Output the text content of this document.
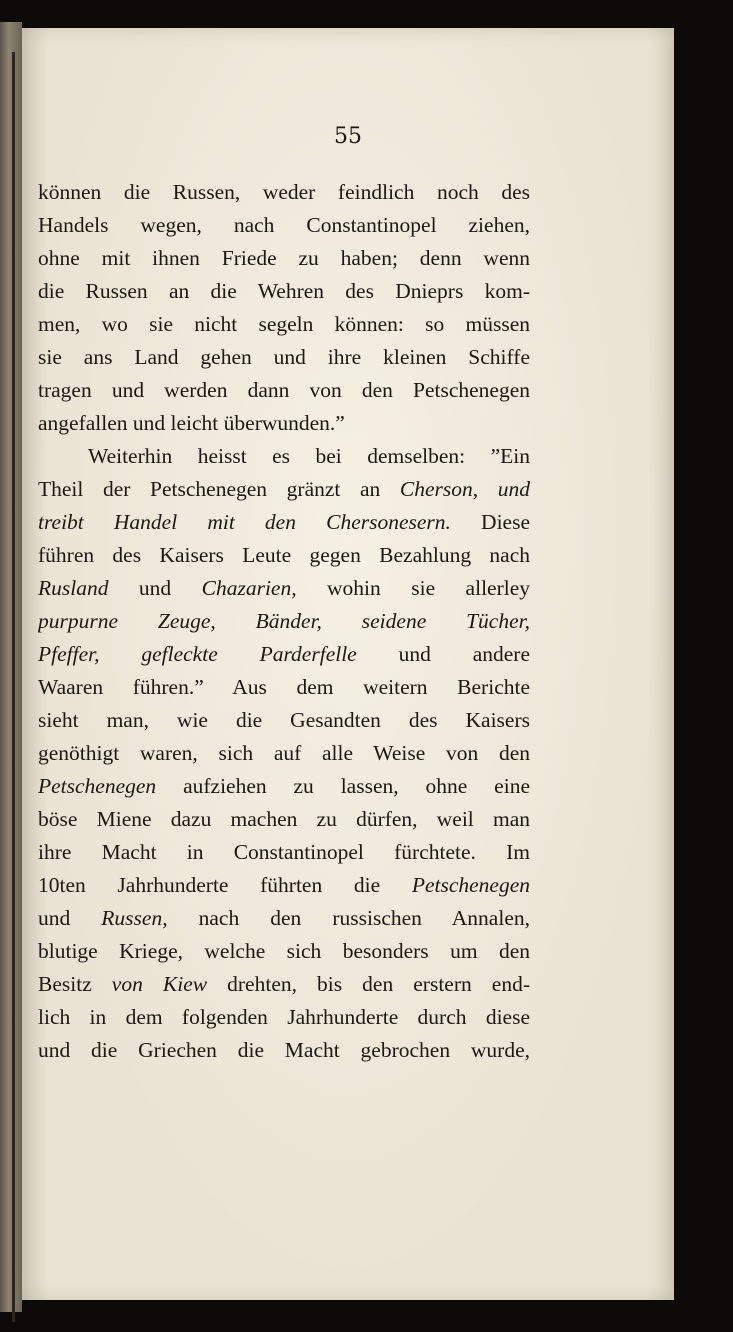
55
können die Russen, weder feindlich noch des
Handels wegen, nach Constantinopel ziehen,
ohne mit ihnen Friede zu haben; denn wenn
die Russen an die Wehren des Dnieprs kom-
men, wo sie nicht segeln können: so müssen
sie ans Land gehen und ihre kleinen Schiffe
tragen und werden dann von den Petschenegen
angefallen und leicht überwunden.”
Weiterhin heisst es bei demselben: ”Ein
Theil der Petschenegen gränzt an Cherson, und
treibt Handel mit den Chersonesern. Diese
führen des Kaisers Leute gegen Bezahlung nach
Rusland und Chazarien, wohin sie allerley
purpurne Zeuge, Bänder, seidene Tücher,
Pfeffer, gefleckte Parderfelle und andere
Waaren führen.” Aus dem weitern Berichte
sieht man, wie die Gesandten des Kaisers
genöthigt waren, sich auf alle Weise von den
Petschenegen aufziehen zu lassen, ohne eine
böse Miene dazu machen zu dürfen, weil man
ihre Macht in Constantinopel fürchtete. Im
10ten Jahrhunderte führten die Petschenegen
und Russen, nach den russischen Annalen,
blutige Kriege, welche sich besonders um den
Besitz von Kiew drehten, bis den erstern end-
lich in dem folgenden Jahrhunderte durch diese
und die Griechen die Macht gebrochen wurde,
